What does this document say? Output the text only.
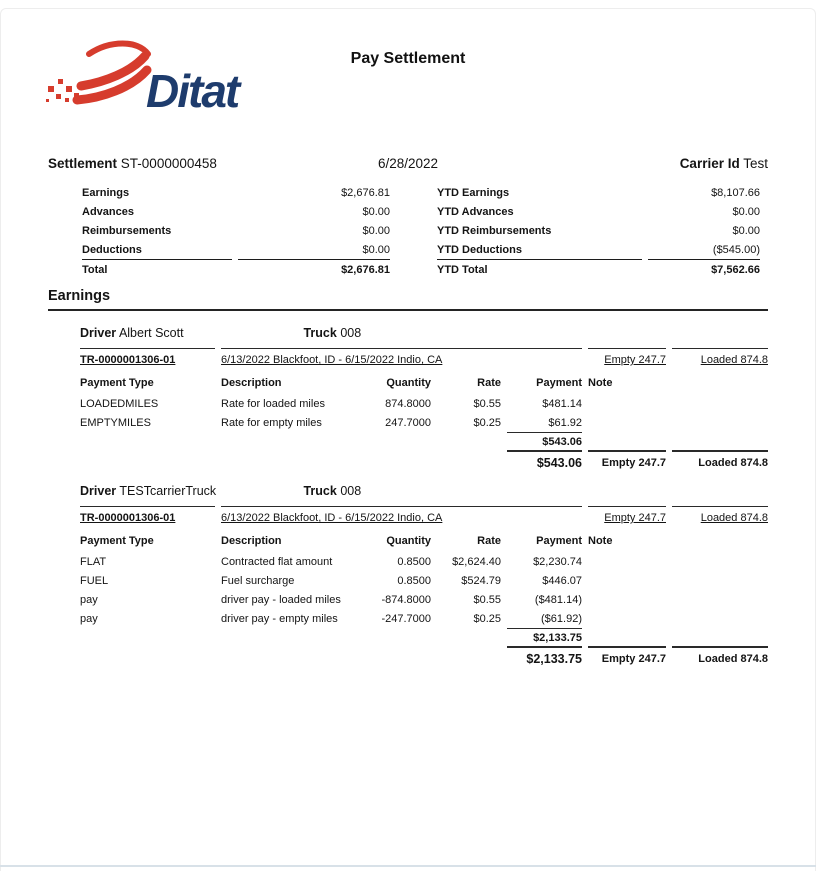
Ditat
Pay Settlement
Settlement ST-0000000458	6/28/2022	Carrier Id Test
Earnings	$2,676.81
Advances	$0.00
Reimbursements	$0.00
Deductions	$0.00
Total	$2,676.81
YTD Earnings	$8,107.66
YTD Advances	$0.00
YTD Reimbursements	$0.00
YTD Deductions	($545.00)
YTD Total	$7,562.66
Earnings
Driver Albert Scott	Truck 008
TR-0000001306-01	6/13/2022 Blackfoot, ID - 6/15/2022 Indio, CA				Empty 247.7	Loaded 874.8
Payment Type	Description	Quantity	Rate	Payment	Note	
LOADEDMILES	Rate for loaded miles	874.8000	$0.55	$481.14		
EMPTYMILES	Rate for empty miles	247.7000	$0.25	$61.92		
				$543.06		
				$543.06	Empty 247.7	Loaded 874.8
Driver TESTcarrierTruck	Truck 008
TR-0000001306-01	6/13/2022 Blackfoot, ID - 6/15/2022 Indio, CA				Empty 247.7	Loaded 874.8
Payment Type	Description	Quantity	Rate	Payment	Note	
FLAT	Contracted flat amount	0.8500	$2,624.40	$2,230.74		
FUEL	Fuel surcharge	0.8500	$524.79	$446.07		
pay	driver pay - loaded miles	-874.8000	$0.55	($481.14)		
pay	driver pay - empty miles	-247.7000	$0.25	($61.92)		
				$2,133.75		
				$2,133.75	Empty 247.7	Loaded 874.8
